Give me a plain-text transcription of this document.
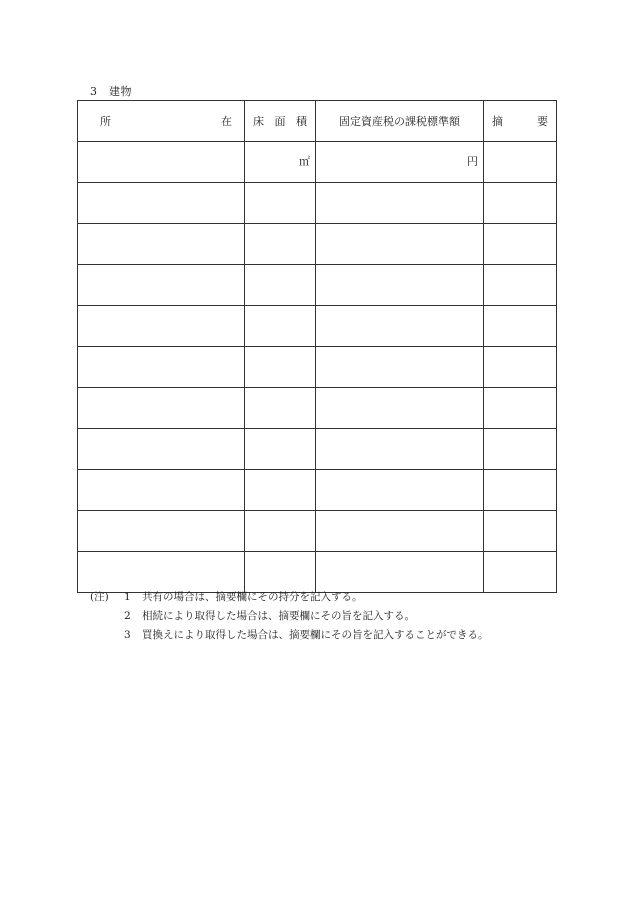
3　建物
所 在	床 面 積	固定資産税の課税標準額	摘 要

	㎡	円	

(注)	1	共有の場合は、摘要欄にその持分を記入する。
2	相続により取得した場合は、摘要欄にその旨を記入する。
3	買換えにより取得した場合は、摘要欄にその旨を記入することができる。
